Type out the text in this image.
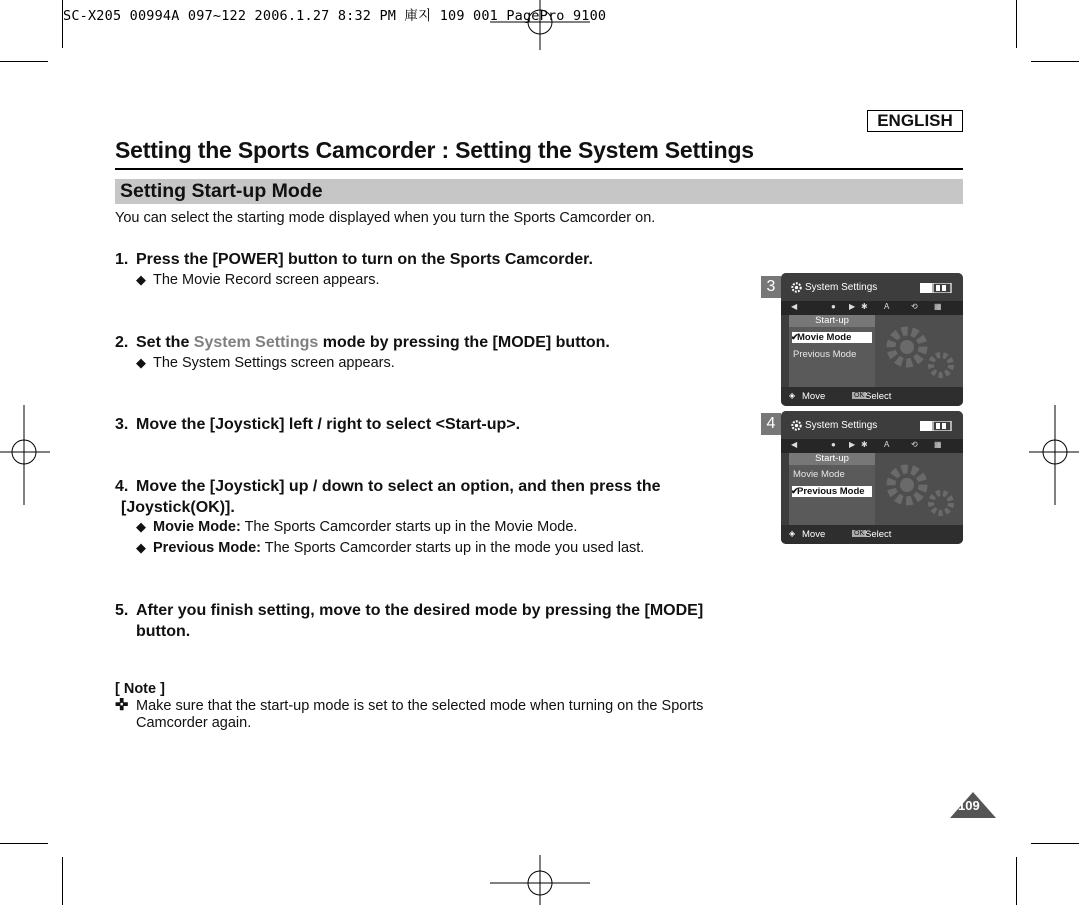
SC-X205 00994A 097~122 2006.1.27 8:32 PM 庫지 109 001 PagePro 9100
ENGLISH
Setting the Sports Camcorder : Setting the System Settings
Setting Start-up Mode
You can select the starting mode displayed when you turn the Sports Camcorder on.
1. Press the [POWER] button to turn on the Sports Camcorder.
◆ The Movie Record screen appears.
2. Set the System Settings mode by pressing the [MODE] button.
◆ The System Settings screen appears.
3. Move the [Joystick] left / right to select <Start-up>.
4. Move the [Joystick] up / down to select an option, and then press the
[Joystick(OK)].
◆ Movie Mode: The Sports Camcorder starts up in the Movie Mode.
◆ Previous Mode: The Sports Camcorder starts up in the mode you used last.
5. After you finish setting, move to the desired mode by pressing the [MODE]
button.
[ Note ]
✜ Make sure that the start-up mode is set to the selected mode when turning on the Sports Camcorder again.
3	System Settings
◀	● ▶ ✱ A	⟲ ▦
Start-up
✔
Movie Mode
Previous Mode
◈ Move	OK Select
4	System Settings
◀	● ▶ ✱ A	⟲ ▦
Start-up
Movie Mode
✔
Previous Mode
◈ Move	OK Select
109
